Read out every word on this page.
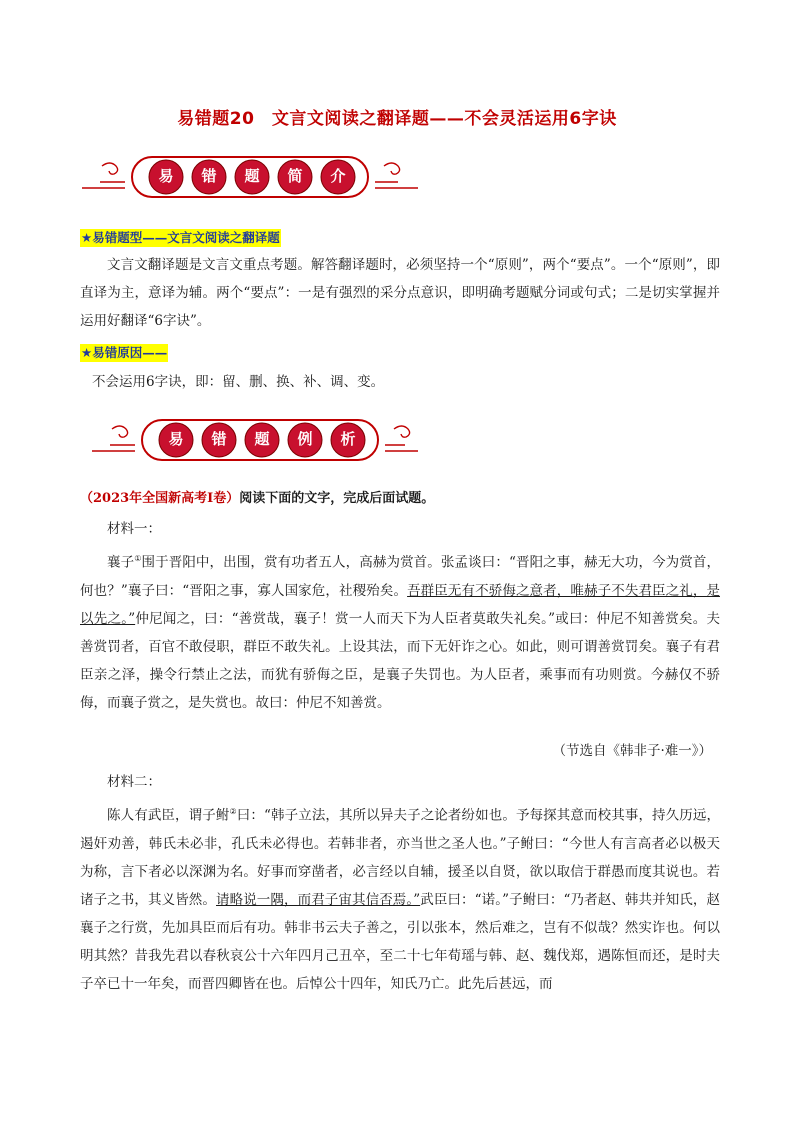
易错题20　文言文阅读之翻译题——不会灵活运用6字诀
易	错	题	简	介
★易错题型——文言文阅读之翻译题
文言文翻译题是文言文重点考题。解答翻译题时，必须坚持一个“原则”，两个“要点”。一个“原则”，即直译为主，意译为辅。两个“要点”：一是有强烈的采分点意识，即明确考题赋分词或句式；二是切实掌握并运用好翻译“6字诀”。
★易错原因——
不会运用6字诀，即：留、删、换、补、调、变。
易	错	题	例	析
（2023年全国新高考Ⅰ卷）阅读下面的文字，完成后面试题。
材料一：
襄子①围于晋阳中，出围，赏有功者五人，高赫为赏首。张孟谈曰：“晋阳之事，赫无大功，今为赏首，何也？”襄子曰：“晋阳之事，寡人国家危，社稷殆矣。吾群臣无有不骄侮之意者，唯赫子不失君臣之礼，是以先之。”仲尼闻之，曰：“善赏哉，襄子！赏一人而天下为人臣者莫敢失礼矣。”或曰：仲尼不知善赏矣。夫善赏罚者，百官不敢侵职，群臣不敢失礼。上设其法，而下无奸诈之心。如此，则可谓善赏罚矣。襄子有君臣亲之泽，操令行禁止之法，而犹有骄侮之臣，是襄子失罚也。为人臣者，乘事而有功则赏。今赫仅不骄侮，而襄子赏之，是失赏也。故曰：仲尼不知善赏。
（节选自《韩非子·难一》）
材料二：
陈人有武臣，谓子鲋②曰：“韩子立法，其所以异夫子之论者纷如也。予每探其意而校其事，持久历远，遏奸劝善，韩氏未必非，孔氏未必得也。若韩非者，亦当世之圣人也。”子鲋曰：“今世人有言高者必以极天为称，言下者必以深渊为名。好事而穿凿者，必言经以自辅，援圣以自贤，欲以取信于群愚而度其说也。若诸子之书，其义皆然。请略说一隅，而君子宙其信否焉。”武臣曰：“诺。”子鲋曰：“乃者赵、韩共并知氏，赵襄子之行赏，先加具臣而后有功。韩非书云夫子善之，引以张本，然后难之，岂有不似哉？然实诈也。何以明其然？昔我先君以春秋哀公十六年四月己丑卒，至二十七年荀瑶与韩、赵、魏伐郑，遇陈恒而还，是时夫子卒已十一年矣，而晋四卿皆在也。后悼公十四年，知氏乃亡。此先后甚远，而
